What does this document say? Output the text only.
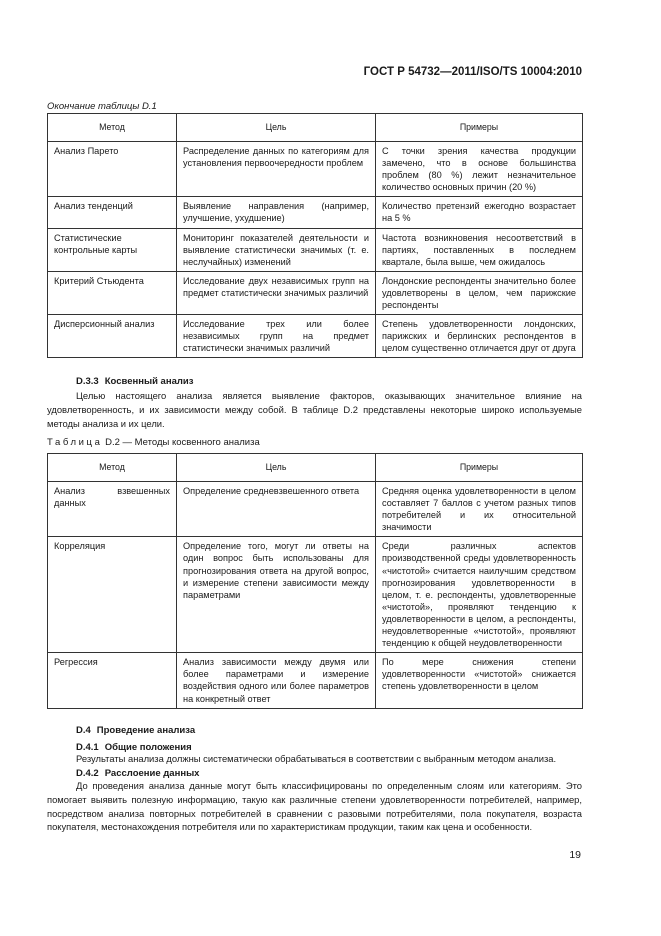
ГОСТ Р 54732—2011/ISO/TS 10004:2010
Окончание таблицы D.1
Метод	Цель	Примеры
Анализ Парето	Распределение данных по категориям для установления первоочередности проблем	С точки зрения качества продукции замечено, что в основе большинства проблем (80 %) лежит незначительное количество основных причин (20 %)
Анализ тенденций	Выявление направления (например, улучшение, ухудшение)	Количество претензий ежегодно возрастает на 5 %
Статистические контрольные карты	Мониторинг показателей деятельности и выявление статистически значимых (т. е. неслучайных) изменений	Частота возникновения несоответствий в партиях, поставленных в последнем квартале, была выше, чем ожидалось
Критерий Стьюдента	Исследование двух независимых групп на предмет статистически значимых различий	Лондонские респонденты значительно более удовлетворены в целом, чем парижские респонденты
Дисперсионный анализ	Исследование трех или более независимых групп на предмет статистически значимых различий	Степень удовлетворенности лондонских, парижских и берлинских респондентов в целом существенно отличается друг от друга
D.3.3 Косвенный анализ
Целью настоящего анализа является выявление факторов, оказывающих значительное влияние на удовлетворенность, и их зависимости между собой. В таблице D.2 представлены некоторые широко используемые методы анализа и их цели.
Таблица D.2 — Методы косвенного анализа
Метод	Цель	Примеры
Анализ взвешенных данных	Определение средневзвешенного ответа	Средняя оценка удовлетворенности в целом составляет 7 баллов с учетом разных типов потребителей и их относительной значимости
Корреляция	Определение того, могут ли ответы на один вопрос быть использованы для прогнозирования ответа на другой вопрос, и измерение степени зависимости между параметрами	Среди различных аспектов производственной среды удовлетворенность «чистотой» считается наилучшим средством прогнозирования удовлетворенности в целом, т. е. респонденты, удовлетворенные «чистотой», проявляют тенденцию к удовлетворенности в целом, а респонденты, неудовлетворенные «чистотой», проявляют тенденцию к общей неудовлетворенности
Регрессия	Анализ зависимости между двумя или более параметрами и измерение воздействия одного или более параметров на конкретный ответ	По мере снижения степени удовлетворенности «чистотой» снижается степень удовлетворенности в целом
D.4 Проведение анализа
D.4.1 Общие положения
Результаты анализа должны систематически обрабатываться в соответствии с выбранным методом анализа.
D.4.2 Расслоение данных
До проведения анализа данные могут быть классифицированы по определенным слоям или категориям. Это помогает выявить полезную информацию, такую как различные степени удовлетворенности потребителей, например, посредством анализа повторных потребителей в сравнении с разовыми потребителями, пола покупателя, возраста покупателя, местонахождения потребителя или по характеристикам продукции, таким как цена и особенности.
19
